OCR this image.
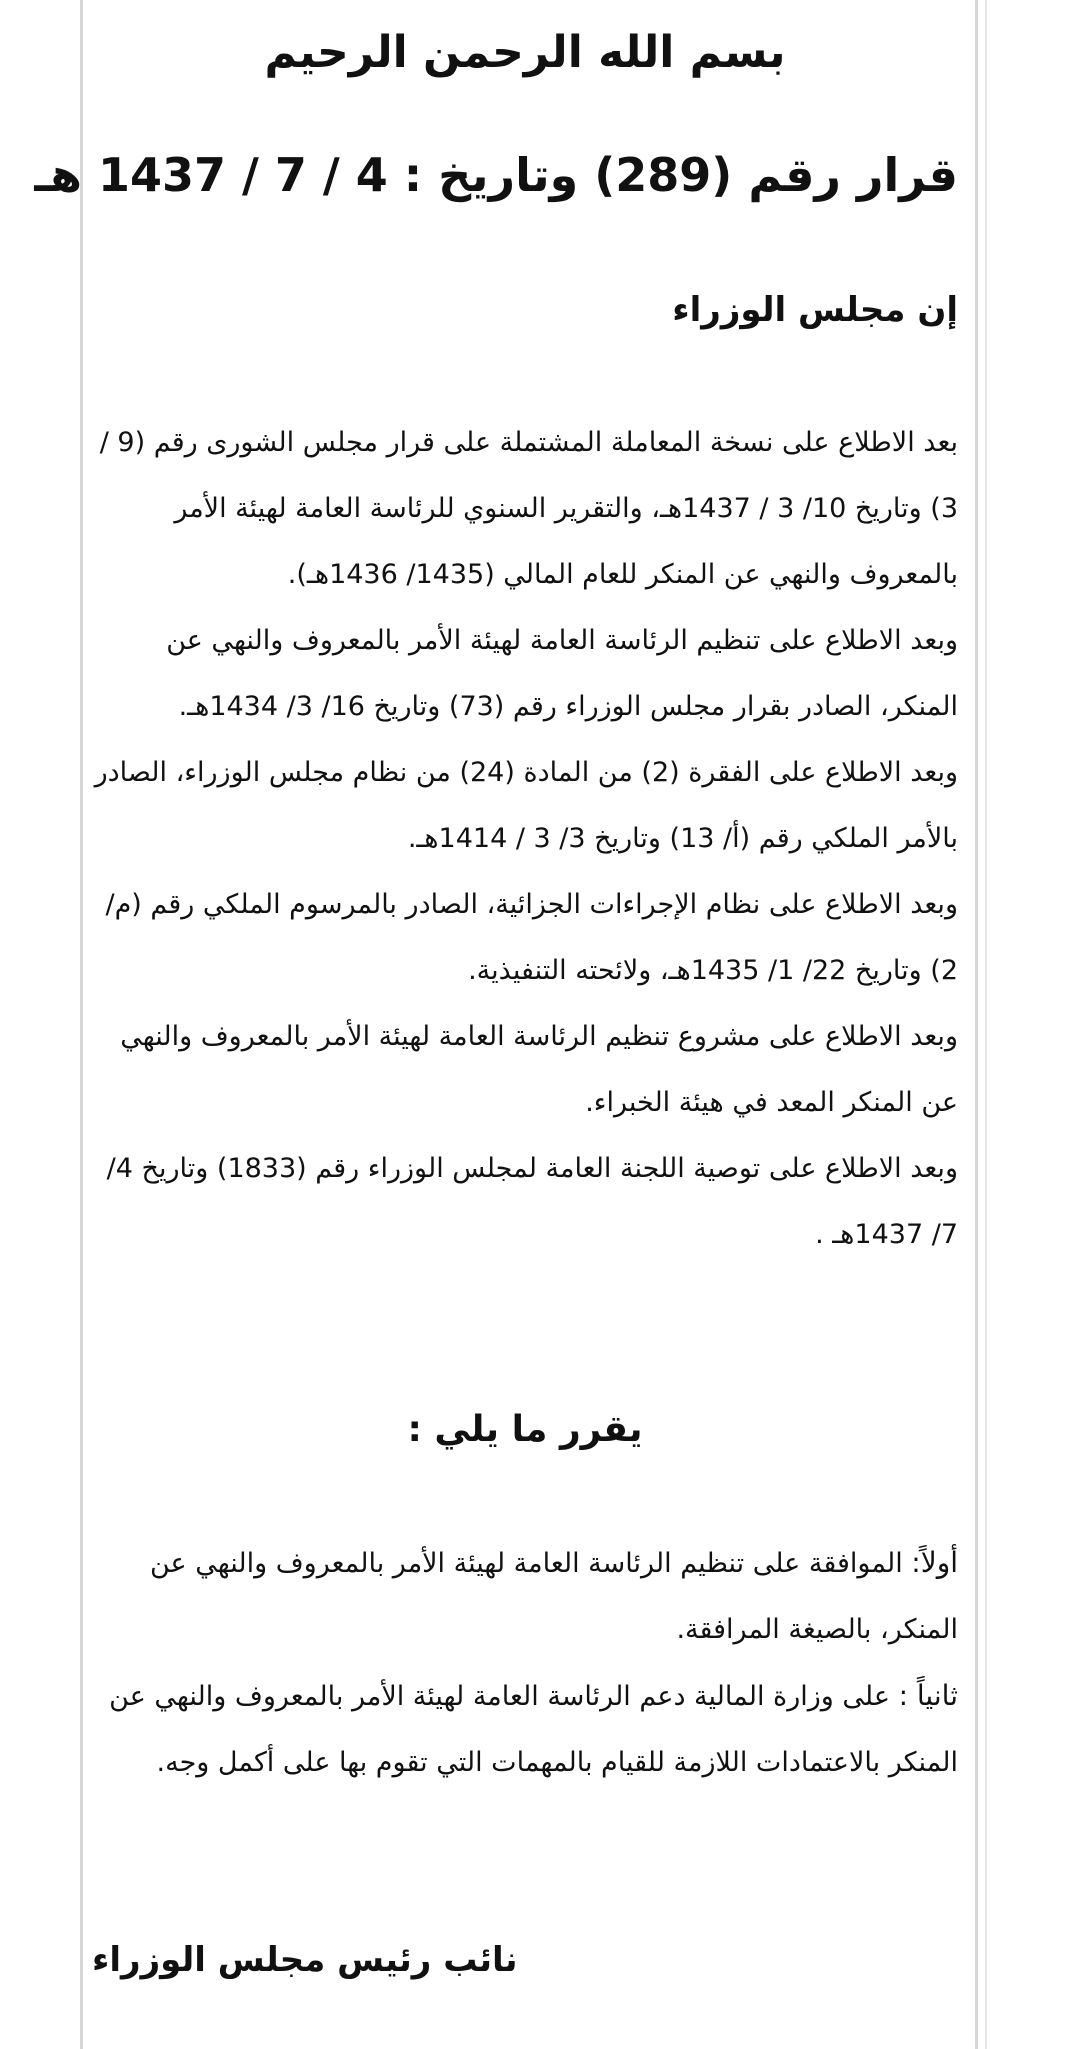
بسم الله الرحمن الرحيم
قرار رقم (289) وتاريخ : 4 / 7 / 1437 هـ
إن مجلس الوزراء

بعد الاطلاع على نسخة المعاملة المشتملة على قرار مجلس الشورى رقم (9 / 3) وتاريخ 10/ 3 / 1437هـ، والتقرير السنوي للرئاسة العامة لهيئة الأمر بالمعروف والنهي عن المنكر للعام المالي (1435/ 1436هـ).

وبعد الاطلاع على تنظيم الرئاسة العامة لهيئة الأمر بالمعروف والنهي عن المنكر، الصادر بقرار مجلس الوزراء رقم (73) وتاريخ 16/ 3/ 1434هـ.

وبعد الاطلاع على الفقرة (2) من المادة (24) من نظام مجلس الوزراء، الصادر بالأمر الملكي رقم (أ/ 13) وتاريخ 3/ 3 / 1414هـ.

وبعد الاطلاع على نظام الإجراءات الجزائية، الصادر بالمرسوم الملكي رقم (م/ 2) وتاريخ 22/ 1/ 1435هـ، ولائحته التنفيذية.

وبعد الاطلاع على مشروع تنظيم الرئاسة العامة لهيئة الأمر بالمعروف والنهي عن المنكر المعد في هيئة الخبراء.

وبعد الاطلاع على توصية اللجنة العامة لمجلس الوزراء رقم (1833) وتاريخ 4/ 7/ 1437هـ .

يقرر ما يلي :

أولاً: الموافقة على تنظيم الرئاسة العامة لهيئة الأمر بالمعروف والنهي عن المنكر، بالصيغة المرافقة.

ثانياً : على وزارة المالية دعم الرئاسة العامة لهيئة الأمر بالمعروف والنهي عن المنكر بالاعتمادات اللازمة للقيام بالمهمات التي تقوم بها على أكمل وجه.

نائب رئيس مجلس الوزراء
